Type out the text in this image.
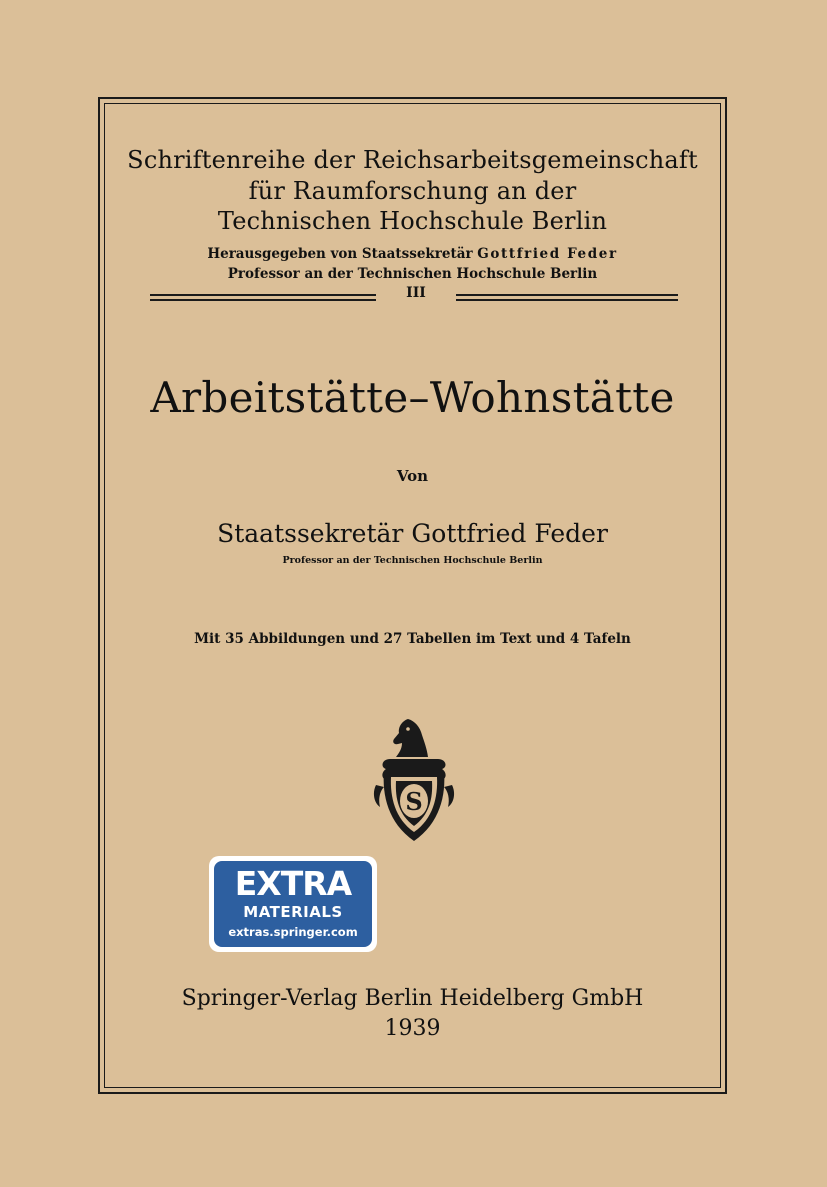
Schriftenreihe der Reichsarbeitsgemeinschaft
für Raumforschung an der
Technischen Hochschule Berlin
Herausgegeben von Staatssekretär Gottfried Feder
Professor an der Technischen Hochschule Berlin
III
Arbeitstätte–Wohnstätte
Von
Staatssekretär Gottfried Feder
Professor an der Technischen Hochschule Berlin
Mit 35 Abbildungen und 27 Tabellen im Text und 4 Tafeln
S
EXTRA
MATERIALS
extras.springer.com
Springer-Verlag Berlin Heidelberg GmbH
1939
